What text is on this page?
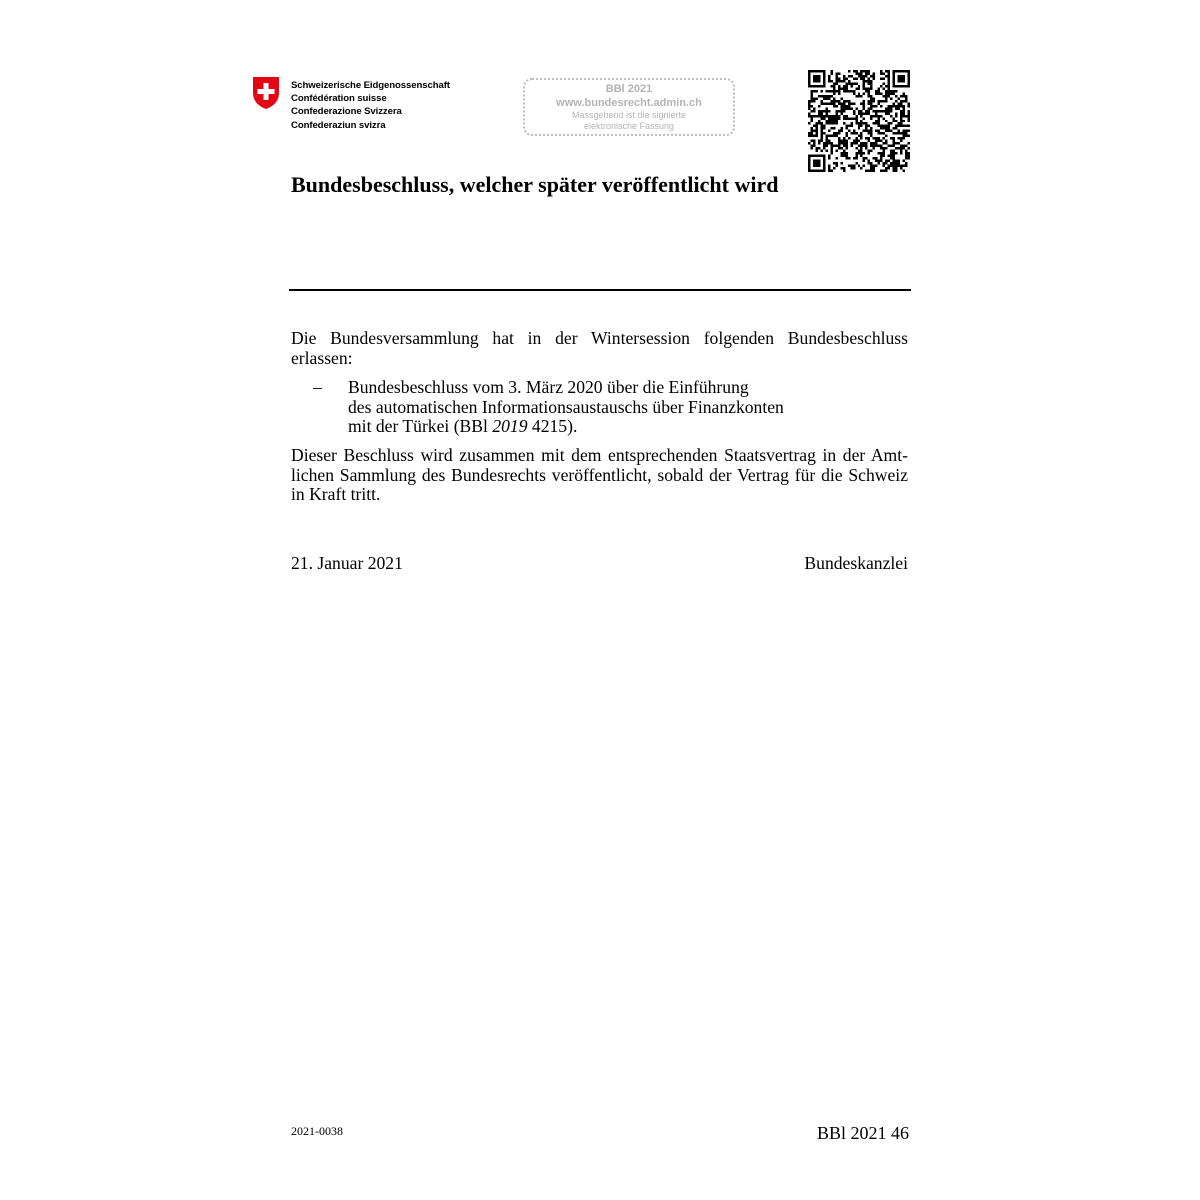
Schweizerische Eidgenossenschaft
Confédération suisse
Confederazione Svizzera
Confederaziun svizra
BBl 2021
www.bundesrecht.admin.ch
Massgebend ist die signierte
elektronische Fassung
Bundesbeschluss, welcher später veröffentlicht wird
Die Bundesversammlung hat in der Wintersession folgenden Bundesbeschluss erlassen:
– Bundesbeschluss vom 3. März 2020 über die Einführung
des automatischen Informationsaustauschs über Finanzkonten
mit der Türkei (BBl 2019 4215).
Dieser Beschluss wird zusammen mit dem entsprechenden Staatsvertrag in der Amt-
lichen Sammlung des Bundesrechts veröffentlicht, sobald der Vertrag für die Schweiz
in Kraft tritt.
21. Januar 2021	Bundeskanzlei
2021-0038	BBl 2021 46
